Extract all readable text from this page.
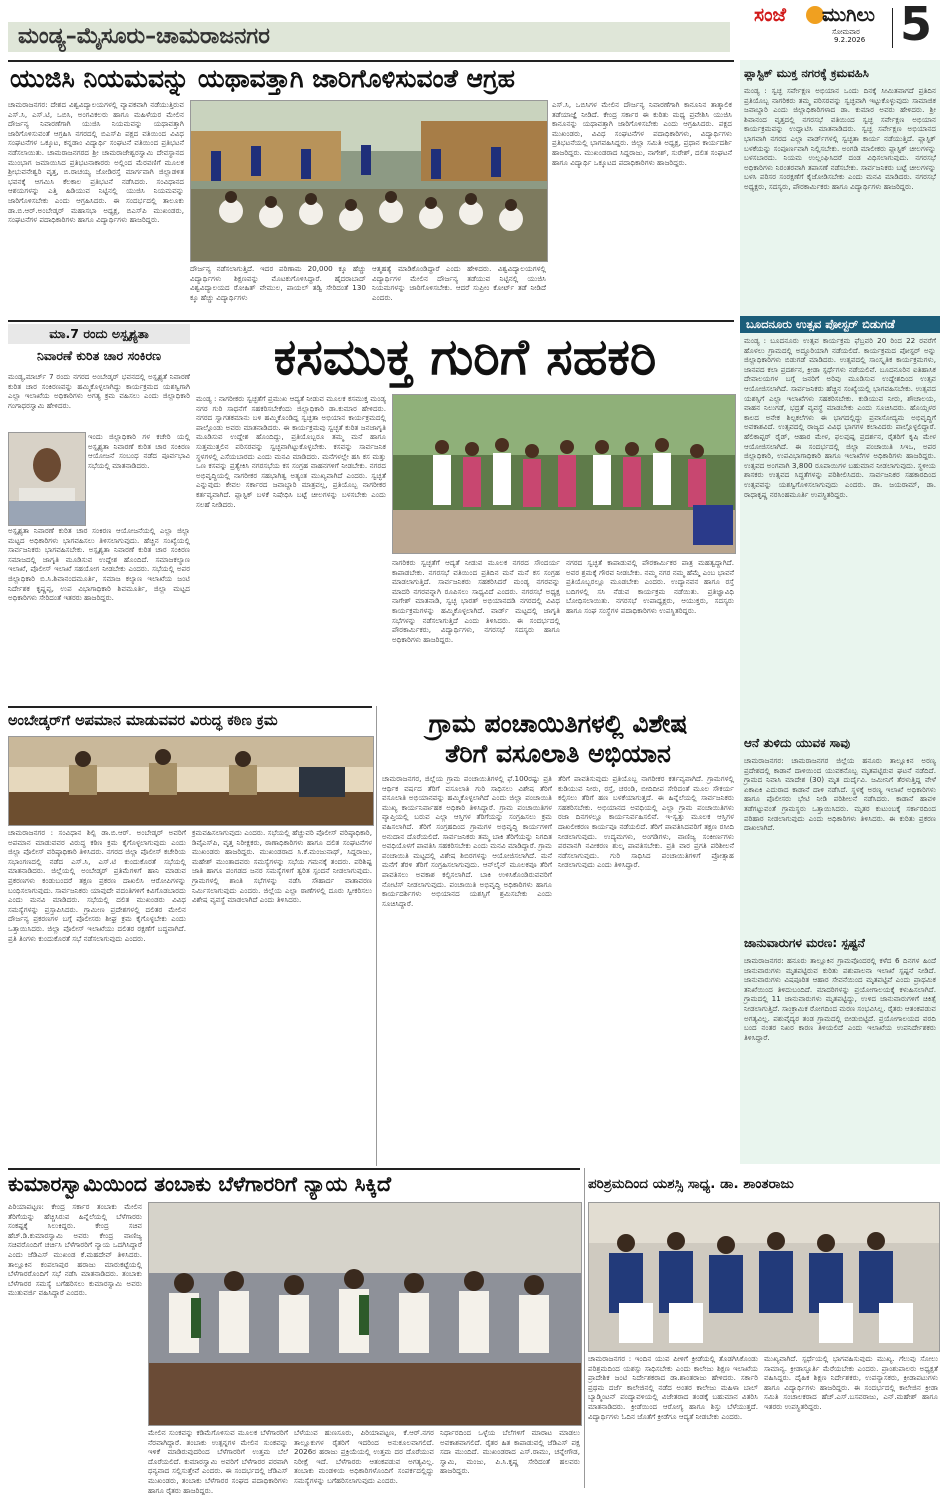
ಮಂಡ್ಯ–ಮೈಸೂರು–ಚಾಮರಾಜನಗರ
ಸಂಜೆ ಮುಗಿಲು
ಸೋಮವಾರ
9.2.2026 5
ಯುಜಿಸಿ ನಿಯಮವನ್ನು ಯಥಾವತ್ತಾಗಿ ಜಾರಿಗೊಳಿಸುವಂತೆ ಆಗ್ರಹ
ಚಾಮರಾಜನಗರ: ದೇಶದ ವಿಶ್ವವಿದ್ಯಾಲಯಗಳಲ್ಲಿ ವ್ಯಾಪಕವಾಗಿ ನಡೆಯುತ್ತಿರುವ ಎಸ್.ಸಿ, ಎಸ್.ಟಿ, ಒಬಿಸಿ, ಅಂಗವಿಕಲರು ಹಾಗೂ ಮಹಿಳೆಯರ ಮೇಲಿನ ದೌರ್ಜನ್ಯ ನಿವಾರಣೆಗಾಗಿ ಯುಜಿಸಿ ನಿಯಮವನ್ನು ಯಥಾವತ್ತಾಗಿ ಜಾರಿಗೊಳಿಸುವಂತೆ ಆಗ್ರಹಿಸಿ ನಗರದಲ್ಲಿ ಬಿಎಸ್‌ಪಿ ಪಕ್ಷದ ವತಿಯಿಂದ ವಿವಿಧ ಸಂಘಟನೆಗಳ ಒಕ್ಕೂಟ, ಕನ್ನಡಾಂ ವಿದ್ಯಾರ್ಥಿ ಸಂಘಟನೆ ವತಿಯಿಂದ ಪ್ರತಿಭಟನೆ ನಡೆಸಲಾಯಿತು. ಚಾಮರಾಜನಗರದ ಶ್ರೀ ಚಾಮರಾಜೇಶ್ವರಸ್ವಾಮಿ ದೇವಸ್ಥಾನದ ಮುಂಭಾಗ ಜಮಾಯಿಸಿದ ಪ್ರತಿಭಟನಾಕಾರರು ಅಲ್ಲಿಂದ ಮೆರವಣಿಗೆ ಮೂಲಕ ಶ್ರೀಭುವನೇಶ್ವರಿ ವೃತ್ತ, ಬಿ.ರಾಚಯ್ಯ ಜೋಡಿರಸ್ತೆ ಮಾರ್ಗವಾಗಿ ಜಿಲ್ಲಾಡಳಿತ ಭವನಕ್ಕೆ ಆಗಮಿಸಿ ಕೆಲಕಾಲ ಪ್ರತಿಭಟನೆ ನಡೆಸಿದರು. ಸಂವಿಧಾನದ ಆಶಯಗಳನ್ನು ಎತ್ತಿ ಹಿಡಿಯುವ ನಿಟ್ಟಿನಲ್ಲಿ ಯುಜಿಸಿ ನಿಯಮವನ್ನು ಜಾರಿಗೊಳಿಸಬೇಕು ಎಂದು ಆಗ್ರಹಿಸಿದರು. ಈ ಸಂದರ್ಭದಲ್ಲಿ ತಾಲೂಕು ಡಾ.ಬಿ.ಆರ್.ಅಂಬೇಡ್ಕರ್ ಮಹಾಸಭಾ ಅಧ್ಯಕ್ಷ, ಬಿಎಸ್‌ಪಿ ಮುಖಂಡರು, ಸಂಘಟನೆಗಳ ಪದಾಧಿಕಾರಿಗಳು ಹಾಗೂ ವಿದ್ಯಾರ್ಥಿಗಳು ಹಾಜರಿದ್ದರು.
ದೌರ್ಜನ್ಯ ನಡೆಸಲಾಗುತ್ತಿದೆ. ಇದರ ಪರಿಣಾಮ 20,000 ಕ್ಕೂ ಹೆಚ್ಚು ವಿದ್ಯಾರ್ಥಿಗಳು ಶಿಕ್ಷಣವನ್ನು ಮೊಟಕುಗೊಳಿಸಿದ್ದಾರೆ. ಹೈದರಾಬಾದ್ ವಿಶ್ವವಿದ್ಯಾಲಯದ ರೋಹಿತ್ ವೇಮುಲ, ಪಾಯಲ್ ತಡ್ವಿ ಸೇರಿದಂತೆ 130 ಕ್ಕೂ ಹೆಚ್ಚು ವಿದ್ಯಾರ್ಥಿಗಳು
ಆತ್ಮಹತ್ಯೆ ಮಾಡಿಕೊಂಡಿದ್ದಾರೆ ಎಂದು ಹೇಳಿದರು. ವಿಶ್ವವಿದ್ಯಾಲಯಗಳಲ್ಲಿ ವಿದ್ಯಾರ್ಥಿಗಳ ಮೇಲಿನ ದೌರ್ಜನ್ಯ ತಡೆಯುವ ನಿಟ್ಟಿನಲ್ಲಿ ಯುಜಿಸಿ ನಿಯಮಗಳನ್ನು ಜಾರಿಗೊಳಿಸಬೇಕು. ಆದರೆ ಸುಪ್ರೀಂ ಕೋರ್ಟ್ ತಡೆ ನೀಡಿದೆ ಎಂದರು.
ಎಸ್.ಸಿ, ಒಬಿಸಿಗಳ ಮೇಲಿನ ದೌರ್ಜನ್ಯ ನಿವಾರಣೆಗಾಗಿ ಕಾನೂನಿನ ತಾತ್ಕಾಲಿಕ ತಡೆಯಾಜ್ಞೆ ನೀಡಿದೆ. ಕೇಂದ್ರ ಸರ್ಕಾರ ಈ ಕುರಿತು ಮಧ್ಯ ಪ್ರವೇಶಿಸಿ ಯುಜಿಸಿ ಕಾನೂನನ್ನು ಯಥಾವತ್ತಾಗಿ ಜಾರಿಗೊಳಿಸಬೇಕು ಎಂದು ಆಗ್ರಹಿಸಿದರು. ಪಕ್ಷದ ಮುಖಂಡರು, ವಿವಿಧ ಸಂಘಟನೆಗಳ ಪದಾಧಿಕಾರಿಗಳು, ವಿದ್ಯಾರ್ಥಿಗಳು ಪ್ರತಿಭಟನೆಯಲ್ಲಿ ಭಾಗವಹಿಸಿದ್ದರು. ಜಿಲ್ಲಾ ಸಮಿತಿ ಅಧ್ಯಕ್ಷ, ಪ್ರಧಾನ ಕಾರ್ಯದರ್ಶಿ ಹಾಜರಿದ್ದರು. ಮುಖಂಡರಾದ ಸಿದ್ದರಾಜು, ನಾಗೇಶ್, ಸುರೇಶ್, ದಲಿತ ಸಂಘಟನೆ ಹಾಗೂ ವಿದ್ಯಾರ್ಥಿ ಒಕ್ಕೂಟದ ಪದಾಧಿಕಾರಿಗಳು ಹಾಜರಿದ್ದರು.
ಮಾ.7 ರಂದು ಅಸ್ಪೃಶ್ಯತಾ
ನಿವಾರಣೆ ಕುರಿತ ಚಾರ ಸಂಕಿರಣ
ಮಂಡ್ಯ,ಮಾರ್ಚ್ 7 ರಂದು ನಗರದ ಅಂಬೇಡ್ಕರ್ ಭವನದಲ್ಲಿ ಅಸ್ಪೃಶ್ಯತೆ ನಿವಾರಣೆ ಕುರಿತ ಚಾರ ಸಂಕಿರಣವನ್ನು ಹಮ್ಮಿಕೊಳ್ಳಲಾಗಿದ್ದು ಕಾರ್ಯಕ್ರಮದ ಯಶಸ್ವಿಗಾಗಿ ಎಲ್ಲಾ ಇಲಾಖೆಯ ಅಧಿಕಾರಿಗಳು ಅಗತ್ಯ ಕ್ರಮ ವಹಿಸಲು ಎಂದು ಜಿಲ್ಲಾಧಿಕಾರಿ ಗಂಗಾಧರಸ್ವಾಮಿ ಹೇಳಿದರು.
ಇಂದು ಜಿಲ್ಲಾಧಿಕಾರಿ ಗಳ ಕಚೇರಿ ಯಲ್ಲಿ ಅಸ್ಪೃಶ್ಯತಾ ನಿವಾರಣೆ ಕುರಿತ ಚಾರ ಸಂಕಿರಣ ಆಯೋಜನೆ ಸಂಬಂಧ ನಡೆದ ಪೂರ್ವಭಾವಿ ಸಭೆಯಲ್ಲಿ ಮಾತನಾಡಿದರು.
ಅಸ್ಪೃಶ್ಯತಾ ನಿವಾರಣೆ ಕುರಿತ ಚಾರ ಸಂಕಿರಣ ಆಯೋಜನೆಯಲ್ಲಿ ಎಲ್ಲಾ ಜಿಲ್ಲಾ ಮಟ್ಟದ ಅಧಿಕಾರಿಗಳು ಭಾಗವಹಿಸಲು ತಿಳಿಸಲಾಗುವುದು. ಹೆಚ್ಚಿನ ಸಂಖ್ಯೆಯಲ್ಲಿ ಸಾರ್ವಜನಿಕರು ಭಾಗವಹಿಸಬೇಕು. ಅಸ್ಪೃಶ್ಯತಾ ನಿವಾರಣೆ ಕುರಿತ ಚಾರ ಸಂಕಿರಣ ಸಮಾಜದಲ್ಲಿ ಜಾಗೃತಿ ಮೂಡಿಸುವ ಉದ್ದೇಶ ಹೊಂದಿದೆ. ಸಮಾಜಕಲ್ಯಾಣ ಇಲಾಖೆ, ಪೊಲೀಸ್ ಇಲಾಖೆ ಸಹಯೋಗ ನೀಡಬೇಕು ಎಂದರು. ಸಭೆಯಲ್ಲಿ ಅಪರ ಜಿಲ್ಲಾಧಿಕಾರಿ ಬಿ.ಸಿ.ಶಿವಾನಂದಮೂರ್ತಿ, ಸಮಾಜ ಕಲ್ಯಾಣ ಇಲಾಖೆಯ ಜಂಟಿ ನಿರ್ದೇಶಕ ಕೃಷ್ಣಪ್ಪ, ಉಪ ವಿಭಾಗಾಧಿಕಾರಿ ಶಿವಮೂರ್ತಿ, ಜಿಲ್ಲಾ ಮಟ್ಟದ ಅಧಿಕಾರಿಗಳು ಸೇರಿದಂತೆ ಇತರರು ಹಾಜರಿದ್ದರು.
ಕಸಮುಕ್ತ ಗುರಿಗೆ ಸಹಕರಿ
ಮಂಡ್ಯ : ನಾಗರೀಕರು ಸ್ವಚ್ಛತೆಗೆ ಪ್ರಮುಖ ಆದ್ಯತೆ ನೀಡುವ ಮೂಲಕ ಕಸಮುಕ್ತ ಮಂಡ್ಯ ನಗರ ಗುರಿ ಸಾಧನೆಗೆ ಸಹಕರಿಸಬೇಕೆಂದು ಜಿಲ್ಲಾಧಿಕಾರಿ ಡಾ.ಕುಮಾರ ಹೇಳಿದರು. ನಗರದ ಸ್ವಾಗತಕಮಾನು ಬಳಿ ಹಮ್ಮಿಕೊಂಡಿದ್ದ ಸ್ವಚ್ಛತಾ ಅಭಿಯಾನ ಕಾರ್ಯಕ್ರಮದಲ್ಲಿ ಪಾಲ್ಗೊಂಡು ಅವರು ಮಾತನಾಡಿದರು. ಈ ಕಾರ್ಯಕ್ರಮವು ಸ್ವಚ್ಛತೆ ಕುರಿತ ಜನಜಾಗೃತಿ ಮೂಡಿಸುವ ಉದ್ದೇಶ ಹೊಂದಿದ್ದು, ಪ್ರತಿಯೊಬ್ಬರೂ ತಮ್ಮ ಮನೆ ಹಾಗೂ ಸುತ್ತಮುತ್ತಲಿನ ಪರಿಸರವನ್ನು ಸ್ವಚ್ಛವಾಗಿಟ್ಟುಕೊಳ್ಳಬೇಕು. ಕಸವನ್ನು ಸಾರ್ವಜನಿಕ ಸ್ಥಳಗಳಲ್ಲಿ ಎಸೆಯಬಾರದು ಎಂದು ಮನವಿ ಮಾಡಿದರು. ಮನೆಗಳಲ್ಲೇ ಹಸಿ ಕಸ ಮತ್ತು ಒಣ ಕಸವನ್ನು ಪ್ರತ್ಯೇಕಿಸಿ ನಗರಸಭೆಯ ಕಸ ಸಂಗ್ರಹ ವಾಹನಗಳಿಗೆ ನೀಡಬೇಕು. ನಗರದ ಅಭಿವೃದ್ಧಿಯಲ್ಲಿ ನಾಗರೀಕರ ಸಹಭಾಗಿತ್ವ ಅತ್ಯಂತ ಮುಖ್ಯವಾಗಿದೆ ಎಂದರು. ಸ್ವಚ್ಛತೆ ಎನ್ನುವುದು ಕೇವಲ ಸರ್ಕಾರದ ಜವಾಬ್ದಾರಿ ಮಾತ್ರವಲ್ಲ, ಪ್ರತಿಯೊಬ್ಬ ನಾಗರೀಕರ ಕರ್ತವ್ಯವಾಗಿದೆ. ಪ್ಲಾಸ್ಟಿಕ್ ಬಳಕೆ ನಿಷೇಧಿಸಿ ಬಟ್ಟೆ ಚೀಲಗಳನ್ನು ಬಳಸಬೇಕು ಎಂದು ಸಲಹೆ ನೀಡಿದರು.
ನಾಗರಿಕರು ಸ್ವಚ್ಛತೆಗೆ ಆದ್ಯತೆ ನೀಡುವ ಮೂಲಕ ನಗರದ ಸೌಂದರ್ಯ ಕಾಪಾಡಬೇಕು. ನಗರಸಭೆ ವತಿಯಿಂದ ಪ್ರತಿದಿನ ಮನೆ ಮನೆ ಕಸ ಸಂಗ್ರಹ ಮಾಡಲಾಗುತ್ತಿದೆ. ಸಾರ್ವಜನಿಕರು ಸಹಕರಿಸಿದರೆ ಮಂಡ್ಯ ನಗರವನ್ನು ಮಾದರಿ ನಗರವನ್ನಾಗಿ ರೂಪಿಸಲು ಸಾಧ್ಯವಿದೆ ಎಂದರು. ನಗರಸಭೆ ಅಧ್ಯಕ್ಷ ನಾಗೇಶ್ ಮಾತನಾಡಿ, ಸ್ವಚ್ಛ ಭಾರತ್ ಅಭಿಯಾನದಡಿ ನಗರದಲ್ಲಿ ವಿವಿಧ ಕಾರ್ಯಕ್ರಮಗಳನ್ನು ಹಮ್ಮಿಕೊಳ್ಳಲಾಗಿದೆ. ವಾರ್ಡ್ ಮಟ್ಟದಲ್ಲಿ ಜಾಗೃತಿ ಸಭೆಗಳನ್ನು ನಡೆಸಲಾಗುತ್ತಿದೆ ಎಂದು ತಿಳಿಸಿದರು. ಈ ಸಂದರ್ಭದಲ್ಲಿ ಪೌರಕಾರ್ಮಿಕರು, ವಿದ್ಯಾರ್ಥಿಗಳು, ನಗರಸಭೆ ಸದಸ್ಯರು ಹಾಗೂ ಅಧಿಕಾರಿಗಳು ಹಾಜರಿದ್ದರು.
ನಗರದ ಸ್ವಚ್ಛತೆ ಕಾಪಾಡುವಲ್ಲಿ ಪೌರಕಾರ್ಮಿಕರ ಪಾತ್ರ ಮಹತ್ವದ್ದಾಗಿದೆ. ಅವರ ಶ್ರಮಕ್ಕೆ ಗೌರವ ನೀಡಬೇಕು. ನಮ್ಮ ನಗರ ನಮ್ಮ ಹೆಮ್ಮೆ ಎಂಬ ಭಾವನೆ ಪ್ರತಿಯೊಬ್ಬರಲ್ಲೂ ಮೂಡಬೇಕು ಎಂದರು. ಉದ್ಯಾನವನ ಹಾಗೂ ರಸ್ತೆ ಬದಿಗಳಲ್ಲಿ ಸಸಿ ನೆಡುವ ಕಾರ್ಯಕ್ರಮ ನಡೆಯಿತು. ಪ್ರತಿಜ್ಞಾವಿಧಿ ಬೋಧಿಸಲಾಯಿತು. ನಗರಸಭೆ ಉಪಾಧ್ಯಕ್ಷರು, ಆಯುಕ್ತರು, ಸದಸ್ಯರು ಹಾಗೂ ಸಂಘ ಸಂಸ್ಥೆಗಳ ಪದಾಧಿಕಾರಿಗಳು ಉಪಸ್ಥಿತರಿದ್ದರು.
ಅಂಬೇಡ್ಕರ್‌ಗೆ ಅಪಮಾನ ಮಾಡುವವರ ವಿರುದ್ಧ ಕಠಿಣ ಕ್ರಮ
ಚಾಮರಾಜನಗರ : ಸಂವಿಧಾನ ಶಿಲ್ಪಿ ಡಾ.ಬಿ.ಆರ್. ಅಂಬೇಡ್ಕರ್ ಅವರಿಗೆ ಅಪಮಾನ ಮಾಡುವವರ ವಿರುದ್ಧ ಕಠಿಣ ಕ್ರಮ ಕೈಗೊಳ್ಳಲಾಗುವುದು ಎಂದು ಜಿಲ್ಲಾ ಪೊಲೀಸ್ ವರಿಷ್ಠಾಧಿಕಾರಿ ತಿಳಿಸಿದರು. ನಗರದ ಜಿಲ್ಲಾ ಪೊಲೀಸ್ ಕಚೇರಿಯ ಸಭಾಂಗಣದಲ್ಲಿ ನಡೆದ ಎಸ್.ಸಿ, ಎಸ್.ಟಿ ಕುಂದುಕೊರತೆ ಸಭೆಯಲ್ಲಿ ಮಾತನಾಡಿದರು. ಜಿಲ್ಲೆಯಲ್ಲಿ ಅಂಬೇಡ್ಕರ್ ಪ್ರತಿಮೆಗಳಿಗೆ ಹಾನಿ ಮಾಡುವ ಪ್ರಕರಣಗಳು ಕಂಡುಬಂದರೆ ತಕ್ಷಣ ಪ್ರಕರಣ ದಾಖಲಿಸಿ ಆರೋಪಿಗಳನ್ನು ಬಂಧಿಸಲಾಗುವುದು. ಸಾರ್ವಜನಿಕರು ಯಾವುದೇ ವದಂತಿಗಳಿಗೆ ಕಿವಿಗೊಡಬಾರದು ಎಂದು ಮನವಿ ಮಾಡಿದರು. ಸಭೆಯಲ್ಲಿ ದಲಿತ ಮುಖಂಡರು ವಿವಿಧ ಸಮಸ್ಯೆಗಳನ್ನು ಪ್ರಸ್ತಾಪಿಸಿದರು. ಗ್ರಾಮೀಣ ಪ್ರದೇಶಗಳಲ್ಲಿ ದಲಿತರ ಮೇಲಿನ ದೌರ್ಜನ್ಯ ಪ್ರಕರಣಗಳ ಬಗ್ಗೆ ಪೊಲೀಸರು ಶೀಘ್ರ ಕ್ರಮ ಕೈಗೊಳ್ಳಬೇಕು ಎಂದು ಒತ್ತಾಯಿಸಿದರು. ಜಿಲ್ಲಾ ಪೊಲೀಸ್ ಇಲಾಖೆಯು ದಲಿತರ ರಕ್ಷಣೆಗೆ ಬದ್ಧವಾಗಿದೆ. ಪ್ರತಿ ತಿಂಗಳು ಕುಂದುಕೊರತೆ ಸಭೆ ನಡೆಸಲಾಗುವುದು ಎಂದರು.
ಕ್ರಮವಹಿಸಲಾಗುವುದು ಎಂದರು. ಸಭೆಯಲ್ಲಿ ಹೆಚ್ಚುವರಿ ಪೊಲೀಸ್ ವರಿಷ್ಠಾಧಿಕಾರಿ, ಡಿವೈಎಸ್‌ಪಿ, ವೃತ್ತ ನಿರೀಕ್ಷಕರು, ಠಾಣಾಧಿಕಾರಿಗಳು ಹಾಗೂ ದಲಿತ ಸಂಘಟನೆಗಳ ಮುಖಂಡರು ಹಾಜರಿದ್ದರು. ಮುಖಂಡರಾದ ಸಿ.ಕೆ.ಮಂಜುನಾಥ್, ಸಿದ್ದರಾಜು, ಮಹೇಶ್ ಮುಂತಾದವರು ಸಮಸ್ಯೆಗಳನ್ನು ಸಭೆಯ ಗಮನಕ್ಕೆ ತಂದರು. ಪರಿಶಿಷ್ಟ ಜಾತಿ ಹಾಗೂ ಪಂಗಡದ ಜನರ ಸಮಸ್ಯೆಗಳಿಗೆ ತ್ವರಿತ ಸ್ಪಂದನೆ ನೀಡಲಾಗುವುದು. ಗ್ರಾಮಗಳಲ್ಲಿ ಶಾಂತಿ ಸಭೆಗಳನ್ನು ನಡೆಸಿ ಸೌಹಾರ್ದ ವಾತಾವರಣ ನಿರ್ಮಿಸಲಾಗುವುದು ಎಂದರು. ಜಿಲ್ಲೆಯ ಎಲ್ಲಾ ಠಾಣೆಗಳಲ್ಲಿ ದೂರು ಸ್ವೀಕರಿಸಲು ವಿಶೇಷ ವ್ಯವಸ್ಥೆ ಮಾಡಲಾಗಿದೆ ಎಂದು ತಿಳಿಸಿದರು.
ಗ್ರಾಮ ಪಂಚಾಯಿತಿಗಳಲ್ಲಿ ವಿಶೇಷ
ತೆರಿಗೆ ವಸೂಲಾತಿ ಅಭಿಯಾನ
ಚಾಮರಾಜನಗರ, ಜಿಲ್ಲೆಯ ಗ್ರಾಮ ಪಂಚಾಯಿತಿಗಳಲ್ಲಿ ಫೆ.100ರಷ್ಟು ಪ್ರತಿ ಆರ್ಥಿಕ ವರ್ಷದ ತೆರಿಗೆ ವಸೂಲಾತಿ ಗುರಿ ಸಾಧಿಸಲು ವಿಶೇಷ ತೆರಿಗೆ ವಸೂಲಾತಿ ಅಭಿಯಾನವನ್ನು ಹಮ್ಮಿಕೊಳ್ಳಲಾಗಿದೆ ಎಂದು ಜಿಲ್ಲಾ ಪಂಚಾಯಿತಿ ಮುಖ್ಯ ಕಾರ್ಯನಿರ್ವಾಹಕ ಅಧಿಕಾರಿ ತಿಳಿಸಿದ್ದಾರೆ. ಗ್ರಾಮ ಪಂಚಾಯಿತಿಗಳ ವ್ಯಾಪ್ತಿಯಲ್ಲಿ ಬರುವ ಎಲ್ಲಾ ಆಸ್ತಿಗಳ ತೆರಿಗೆಯನ್ನು ಸಂಗ್ರಹಿಸಲು ಕ್ರಮ ವಹಿಸಲಾಗಿದೆ. ತೆರಿಗೆ ಸಂಗ್ರಹದಿಂದ ಗ್ರಾಮಗಳ ಅಭಿವೃದ್ಧಿ ಕಾರ್ಯಗಳಿಗೆ ಅನುದಾನ ದೊರೆಯಲಿದೆ. ಸಾರ್ವಜನಿಕರು ತಮ್ಮ ಬಾಕಿ ತೆರಿಗೆಯನ್ನು ನಿಗದಿತ ಅವಧಿಯೊಳಗೆ ಪಾವತಿಸಿ ಸಹಕರಿಸಬೇಕು ಎಂದು ಮನವಿ ಮಾಡಿದ್ದಾರೆ. ಗ್ರಾಮ ಪಂಚಾಯಿತಿ ಮಟ್ಟದಲ್ಲಿ ವಿಶೇಷ ಶಿಬಿರಗಳನ್ನು ಆಯೋಜಿಸಲಾಗಿದೆ. ಮನೆ ಮನೆಗೆ ತೆರಳಿ ತೆರಿಗೆ ಸಂಗ್ರಹಿಸಲಾಗುವುದು. ಆನ್‌ಲೈನ್ ಮೂಲಕವೂ ತೆರಿಗೆ ಪಾವತಿಸಲು ಅವಕಾಶ ಕಲ್ಪಿಸಲಾಗಿದೆ. ಬಾಕಿ ಉಳಿಸಿಕೊಂಡಿರುವವರಿಗೆ ನೋಟಿಸ್ ನೀಡಲಾಗುವುದು. ಪಂಚಾಯಿತಿ ಅಭಿವೃದ್ಧಿ ಅಧಿಕಾರಿಗಳು ಹಾಗೂ ಕಾರ್ಯದರ್ಶಿಗಳು ಅಭಿಯಾನದ ಯಶಸ್ಸಿಗೆ ಶ್ರಮಿಸಬೇಕು ಎಂದು ಸೂಚಿಸಿದ್ದಾರೆ.
ತೆರಿಗೆ ಪಾವತಿಸುವುದು ಪ್ರತಿಯೊಬ್ಬ ನಾಗರೀಕರ ಕರ್ತವ್ಯವಾಗಿದೆ. ಗ್ರಾಮಗಳಲ್ಲಿ ಕುಡಿಯುವ ನೀರು, ರಸ್ತೆ, ಚರಂಡಿ, ಬೀದಿದೀಪ ಸೇರಿದಂತೆ ಮೂಲ ಸೌಕರ್ಯ ಕಲ್ಪಿಸಲು ತೆರಿಗೆ ಹಣ ಬಳಕೆಯಾಗುತ್ತದೆ. ಈ ಹಿನ್ನೆಲೆಯಲ್ಲಿ ಸಾರ್ವಜನಿಕರು ಸಹಕರಿಸಬೇಕು. ಅಭಿಯಾನದ ಅವಧಿಯಲ್ಲಿ ಎಲ್ಲಾ ಗ್ರಾಮ ಪಂಚಾಯಿತಿಗಳು ರಜಾ ದಿನಗಳಲ್ಲೂ ಕಾರ್ಯನಿರ್ವಹಿಸಲಿವೆ. ಇ-ಸ್ವತ್ತು ಮೂಲಕ ಆಸ್ತಿಗಳ ದಾಖಲೀಕರಣ ಕಾರ್ಯವೂ ನಡೆಯಲಿದೆ. ತೆರಿಗೆ ಪಾವತಿಸಿದವರಿಗೆ ತಕ್ಷಣ ರಸೀದಿ ನೀಡಲಾಗುವುದು. ಉದ್ಯಮಗಳು, ಅಂಗಡಿಗಳು, ವಾಣಿಜ್ಯ ಸಂಕೀರ್ಣಗಳು ಪರವಾನಗಿ ನವೀಕರಣ ಶುಲ್ಕ ಪಾವತಿಸಬೇಕು. ಪ್ರತಿ ವಾರ ಪ್ರಗತಿ ಪರಿಶೀಲನೆ ನಡೆಸಲಾಗುವುದು. ಗುರಿ ಸಾಧಿಸಿದ ಪಂಚಾಯಿತಿಗಳಿಗೆ ಪ್ರೋತ್ಸಾಹ ನೀಡಲಾಗುವುದು ಎಂದು ತಿಳಿಸಿದ್ದಾರೆ.
ಕುಮಾರಸ್ವಾಮಿಯಿಂದ ತಂಬಾಕು ಬೆಳೆಗಾರರಿಗೆ ನ್ಯಾಯ ಸಿಕ್ಕಿದೆ
ಪಿರಿಯಾಪಟ್ಟಣ: ಕೇಂದ್ರ ಸರ್ಕಾರ ತಂಬಾಕು ಮೇಲಿನ ತೆರಿಗೆಯನ್ನು ಹೆಚ್ಚಿಸಿರುವ ಹಿನ್ನೆಲೆಯಲ್ಲಿ ಬೆಳೆಗಾರರು ಸಂಕಷ್ಟಕ್ಕೆ ಸಿಲುಕಿದ್ದರು. ಕೇಂದ್ರ ಸಚಿವ ಹೆಚ್.ಡಿ.ಕುಮಾರಸ್ವಾಮಿ ಅವರು ಕೇಂದ್ರ ವಾಣಿಜ್ಯ ಸಚಿವರೊಂದಿಗೆ ಚರ್ಚಿಸಿ ಬೆಳೆಗಾರರಿಗೆ ನ್ಯಾಯ ಒದಗಿಸಿದ್ದಾರೆ ಎಂದು ಜೆಡಿಎಸ್ ಮುಖಂಡ ಕೆ.ಮಹದೇವ್ ತಿಳಿಸಿದರು. ತಾಲ್ಲೂಕಿನ ಕಂಪಲಾಪುರ ಹರಾಜು ಮಾರುಕಟ್ಟೆಯಲ್ಲಿ ಬೆಳೆಗಾರರೊಂದಿಗೆ ಸಭೆ ನಡೆಸಿ ಮಾತನಾಡಿದರು. ತಂಬಾಕು ಬೆಳೆಗಾರರ ಸಮಸ್ಯೆ ಬಗೆಹರಿಸಲು ಕುಮಾರಸ್ವಾಮಿ ಅವರು ಮುತುವರ್ಜಿ ವಹಿಸಿದ್ದಾರೆ ಎಂದರು.
ಮೇಲಿನ ಸುಂಕವನ್ನು ಕಡಿಮೆಗೊಳಿಸುವ ಮೂಲಕ ಬೆಳೆಗಾರರಿಗೆ ನೆರವಾಗಿದ್ದಾರೆ. ತಂಬಾಕು ಉತ್ಪನ್ನಗಳ ಮೇಲಿನ ಸುಂಕವನ್ನು ಇಳಿಕೆ ಮಾಡಿರುವುದರಿಂದ ಬೆಳೆಗಾರರಿಗೆ ಉತ್ತಮ ಬೆಲೆ ದೊರೆಯಲಿದೆ. ಕುಮಾರಸ್ವಾಮಿ ಅವರಿಗೆ ಬೆಳೆಗಾರರ ಪರವಾಗಿ ಧನ್ಯವಾದ ಸಲ್ಲಿಸುತ್ತೇವೆ ಎಂದರು. ಈ ಸಂದರ್ಭದಲ್ಲಿ ಜೆಡಿಎಸ್ ಮುಖಂಡರು, ತಂಬಾಕು ಬೆಳೆಗಾರರ ಸಂಘದ ಪದಾಧಿಕಾರಿಗಳು ಹಾಗೂ ರೈತರು ಹಾಜರಿದ್ದರು.
ಬೆಳೆಯುವ ಹುಣಸೂರು, ಪಿರಿಯಾಪಟ್ಟಣ, ಕೆ.ಆರ್.ನಗರ ತಾಲ್ಲೂಕುಗಳ ರೈತರಿಗೆ ಇದರಿಂದ ಅನುಕೂಲವಾಗಲಿದೆ. 2026ರ ಹರಾಜು ಪ್ರಕ್ರಿಯೆಯಲ್ಲಿ ಉತ್ತಮ ದರ ದೊರೆಯುವ ನಿರೀಕ್ಷೆ ಇದೆ. ಬೆಳೆಗಾರರು ಆತಂಕಪಡುವ ಅಗತ್ಯವಿಲ್ಲ. ತಂಬಾಕು ಮಂಡಳಿಯ ಅಧಿಕಾರಿಗಳೊಂದಿಗೆ ಸಂಪರ್ಕದಲ್ಲಿದ್ದು ಸಮಸ್ಯೆಗಳನ್ನು ಬಗೆಹರಿಸಲಾಗುವುದು ಎಂದರು.
ನಿರ್ಧಾರದಿಂದ ಒಳ್ಳೆಯ ಬೆಲೆಗಳಿಗೆ ಮಾರಾಟ ಮಾಡಲು ಅವಕಾಶವಾಗಲಿದೆ. ರೈತರ ಹಿತ ಕಾಪಾಡುವಲ್ಲಿ ಜೆಡಿಎಸ್ ಪಕ್ಷ ಸದಾ ಮುಂದಿದೆ. ಮುಖಂಡರಾದ ಎಸ್.ರಾಮು, ಚನ್ನೇಗೌಡ, ಸ್ವಾಮಿ, ಮಂಜು, ಪಿ.ಸಿ.ಕೃಷ್ಣ ಸೇರಿದಂತೆ ಹಲವರು ಹಾಜರಿದ್ದರು.
ಪರಿಶ್ರಮದಿಂದ ಯಶಸ್ಸಿ ಸಾಧ್ಯ. ಡಾ. ಶಾಂತರಾಜು
ಚಾಮರಾಜನಗರ : ಇಂದಿನ ಯುವ ಪೀಳಿಗೆ ಕ್ರೀಡೆಯಲ್ಲಿ ತೊಡಗಿಸಿಕೊಂಡು ಪರಿಶ್ರಮದಿಂದ ಯಶಸ್ಸು ಸಾಧಿಸಬೇಕು ಎಂದು ಕಾಲೇಜು ಶಿಕ್ಷಣ ಇಲಾಖೆಯ ಪ್ರಾದೇಶಿಕ ಜಂಟಿ ನಿರ್ದೇಶಕರಾದ ಡಾ.ಶಾಂತರಾಜು ಹೇಳಿದರು. ಸರ್ಕಾರಿ ಪ್ರಥಮ ದರ್ಜೆ ಕಾಲೇಜಿನಲ್ಲಿ ನಡೆದ ಅಂತರ ಕಾಲೇಜು ಮಹಿಳಾ ಬಾಲ್ ಬ್ಯಾಡ್ಮಿಂಟನ್ ಪಂದ್ಯಾವಳಿಯಲ್ಲಿ ವಿಜೇತರಾದ ತಂಡಕ್ಕೆ ಬಹುಮಾನ ವಿತರಿಸಿ ಮಾತನಾಡಿದರು. ಕ್ರೀಡೆಯಿಂದ ಆರೋಗ್ಯ ಹಾಗೂ ಶಿಸ್ತು ಬೆಳೆಯುತ್ತದೆ. ವಿದ್ಯಾರ್ಥಿಗಳು ಓದಿನ ಜೊತೆಗೆ ಕ್ರೀಡೆಗೂ ಆದ್ಯತೆ ನೀಡಬೇಕು ಎಂದರು.
ಮುಖ್ಯವಾಗಿದೆ. ಸ್ಪರ್ಧೆಯಲ್ಲಿ ಭಾಗವಹಿಸುವುದು ಮುಖ್ಯ. ಗೆಲುವು ಸೋಲು ಸಾಮಾನ್ಯ. ಕ್ರೀಡಾಸ್ಫೂರ್ತಿ ಮೆರೆಯಬೇಕು ಎಂದರು. ಪ್ರಾಂಶುಪಾಲರು ಅಧ್ಯಕ್ಷತೆ ವಹಿಸಿದ್ದರು. ದೈಹಿಕ ಶಿಕ್ಷಣ ನಿರ್ದೇಶಕರು, ಉಪನ್ಯಾಸಕರು, ಕ್ರೀಡಾಪಟುಗಳು ಹಾಗೂ ವಿದ್ಯಾರ್ಥಿಗಳು ಹಾಜರಿದ್ದರು. ಈ ಸಂದರ್ಭದಲ್ಲಿ ಕಾಲೇಜಿನ ಕ್ರೀಡಾ ಸಮಿತಿ ಸಂಚಾಲಕರಾದ ಹೆಚ್.ಎಸ್.ಬಸವರಾಜು, ಎನ್.ಮಹೇಶ್ ಹಾಗೂ ಇತರರು ಉಪಸ್ಥಿತರಿದ್ದರು.
ಪ್ಲಾಸ್ಟಿಕ್ ಮುಕ್ತ ನಗರಕ್ಕೆ ಕ್ರಮವಹಿಸಿ
ಮಂಡ್ಯ : ಸ್ವಚ್ಛ ಸರ್ವೇಕ್ಷಣ ಅಭಿಯಾನ ಒಂದು ದಿನಕ್ಕೆ ಸೀಮಿತವಾಗದೆ ಪ್ರತಿದಿನ ಪ್ರತಿಯೊಬ್ಬ ನಾಗರಿಕರು ತಮ್ಮ ಪರಿಸರವನ್ನು ಸ್ವಚ್ಛವಾಗಿ ಇಟ್ಟುಕೊಳ್ಳುವುದು ಸಾಮಾಜಿಕ ಜವಾಬ್ದಾರಿ ಎಂದು ಜಿಲ್ಲಾಧಿಕಾರಿಗಳಾದ ಡಾ. ಕುಮಾರ ಅವರು ಹೇಳಿದರು. ಶ್ರೀ ಶಿವಾನಂದ ವೃತ್ತದಲ್ಲಿ ನಗರಸಭೆ ವತಿಯಿಂದ ಸ್ವಚ್ಛ ಸರ್ವೇಕ್ಷಣ ಅಭಿಯಾನ ಕಾರ್ಯಕ್ರಮವನ್ನು ಉದ್ಘಾಟಿಸಿ ಮಾತನಾಡಿದರು. ಸ್ವಚ್ಛ ಸರ್ವೇಕ್ಷಣ ಅಭಿಯಾನದ ಭಾಗವಾಗಿ ನಗರದ ಎಲ್ಲಾ ವಾರ್ಡ್‌ಗಳಲ್ಲಿ ಸ್ವಚ್ಛತಾ ಕಾರ್ಯ ನಡೆಯುತ್ತಿದೆ. ಪ್ಲಾಸ್ಟಿಕ್ ಬಳಕೆಯನ್ನು ಸಂಪೂರ್ಣವಾಗಿ ನಿಲ್ಲಿಸಬೇಕು. ಅಂಗಡಿ ಮಾಲೀಕರು ಪ್ಲಾಸ್ಟಿಕ್ ಚೀಲಗಳನ್ನು ಬಳಸಬಾರದು. ನಿಯಮ ಉಲ್ಲಂಘಿಸಿದರೆ ದಂಡ ವಿಧಿಸಲಾಗುವುದು. ನಗರಸಭೆ ಅಧಿಕಾರಿಗಳು ನಿರಂತರವಾಗಿ ತಪಾಸಣೆ ನಡೆಸಬೇಕು. ಸಾರ್ವಜನಿಕರು ಬಟ್ಟೆ ಚೀಲಗಳನ್ನು ಬಳಸಿ ಪರಿಸರ ಸಂರಕ್ಷಣೆಗೆ ಕೈಜೋಡಿಸಬೇಕು ಎಂದು ಮನವಿ ಮಾಡಿದರು. ನಗರಸಭೆ ಅಧ್ಯಕ್ಷರು, ಸದಸ್ಯರು, ಪೌರಕಾರ್ಮಿಕರು ಹಾಗೂ ವಿದ್ಯಾರ್ಥಿಗಳು ಹಾಜರಿದ್ದರು.
ಬೂದನೂರು ಉತ್ಸವ ಪೋಸ್ಟರ್ ಬಿಡುಗಡೆ
ಮಂಡ್ಯ : ಬೂದನೂರು ಉತ್ಸವ ಕಾರ್ಯಕ್ರಮ ಫೆಬ್ರವರಿ 20 ರಿಂದ 22 ರವರೆಗೆ ಹೊಳಲು ಗ್ರಾಮದಲ್ಲಿ ಅದ್ಧೂರಿಯಾಗಿ ನಡೆಯಲಿದೆ. ಕಾರ್ಯಕ್ರಮದ ಪೋಸ್ಟರ್ ಅನ್ನು ಜಿಲ್ಲಾಧಿಕಾರಿಗಳು ಬಿಡುಗಡೆ ಮಾಡಿದರು. ಉತ್ಸವದಲ್ಲಿ ಸಾಂಸ್ಕೃತಿಕ ಕಾರ್ಯಕ್ರಮಗಳು, ಜಾನಪದ ಕಲಾ ಪ್ರದರ್ಶನ, ಕ್ರೀಡಾ ಸ್ಪರ್ಧೆಗಳು ನಡೆಯಲಿವೆ. ಬೂದನೂರಿನ ಐತಿಹಾಸಿಕ ದೇವಾಲಯಗಳ ಬಗ್ಗೆ ಜನರಿಗೆ ಅರಿವು ಮೂಡಿಸುವ ಉದ್ದೇಶದಿಂದ ಉತ್ಸವ ಆಯೋಜಿಸಲಾಗಿದೆ. ಸಾರ್ವಜನಿಕರು ಹೆಚ್ಚಿನ ಸಂಖ್ಯೆಯಲ್ಲಿ ಭಾಗವಹಿಸಬೇಕು. ಉತ್ಸವದ ಯಶಸ್ಸಿಗೆ ಎಲ್ಲಾ ಇಲಾಖೆಗಳು ಸಹಕರಿಸಬೇಕು. ಕುಡಿಯುವ ನೀರು, ಶೌಚಾಲಯ, ವಾಹನ ನಿಲುಗಡೆ, ಭದ್ರತೆ ವ್ಯವಸ್ಥೆ ಮಾಡಬೇಕು ಎಂದು ಸೂಚಿಸಿದರು. ಹೊಯ್ಸಳರ ಕಾಲದ ಅನೇಕ ಶಿಲ್ಪಕಲೆಗಳು ಈ ಭಾಗದಲ್ಲಿದ್ದು ಪ್ರವಾಸೋದ್ಯಮ ಅಭಿವೃದ್ಧಿಗೆ ಅವಕಾಶವಿದೆ. ಉತ್ಸವದಲ್ಲಿ ರಾಜ್ಯದ ವಿವಿಧ ಭಾಗಗಳ ಕಲಾವಿದರು ಪಾಲ್ಗೊಳ್ಳಲಿದ್ದಾರೆ. ಹೆಲಿಕಾಪ್ಟರ್ ರೈಡ್, ಆಹಾರ ಮೇಳ, ಫಲಪುಷ್ಪ ಪ್ರದರ್ಶನ, ರೈತರಿಗೆ ಕೃಷಿ ಮೇಳ ಆಯೋಜಿಸಲಾಗಿದೆ. ಈ ಸಂದರ್ಭದಲ್ಲಿ ಜಿಲ್ಲಾ ಪಂಚಾಯಿತಿ ಸಿಇಒ, ಅಪರ ಜಿಲ್ಲಾಧಿಕಾರಿ, ಉಪವಿಭಾಗಾಧಿಕಾರಿ ಹಾಗೂ ಇಲಾಖೆಗಳ ಅಧಿಕಾರಿಗಳು ಹಾಜರಿದ್ದರು. ಉತ್ಸವದ ಅಂಗವಾಗಿ 3,800 ರೂಪಾಯಿಗಳ ಬಹುಮಾನ ನೀಡಲಾಗುವುದು. ಸ್ಥಳೀಯ ಶಾಸಕರು ಉತ್ಸವದ ಸಿದ್ಧತೆಗಳನ್ನು ಪರಿಶೀಲಿಸಿದರು. ಸಾರ್ವಜನಿಕರ ಸಹಕಾರದಿಂದ ಉತ್ಸವವನ್ನು ಯಶಸ್ವಿಗೊಳಿಸಲಾಗುವುದು ಎಂದರು. ಡಾ. ಜಯರಾಮ್, ಡಾ. ರಾಧಾಕೃಷ್ಣ ನರಸಿಂಹಮೂರ್ತಿ ಉಪಸ್ಥಿತರಿದ್ದರು.
ಆನೆ ತುಳಿದು ಯುವಕ ಸಾವು
ಚಾಮರಾಜನಗರ: ಚಾಮರಾಜನಗರ ಜಿಲ್ಲೆಯ ಹನೂರು ತಾಲ್ಲೂಕಿನ ಅರಣ್ಯ ಪ್ರದೇಶದಲ್ಲಿ ಕಾಡಾನೆ ದಾಳಿಯಿಂದ ಯುವಕನೊಬ್ಬ ಮೃತಪಟ್ಟಿರುವ ಘಟನೆ ನಡೆದಿದೆ. ಗ್ರಾಮದ ನಿವಾಸಿ ಮಾದೇಶ (30) ಮೃತ ದುರ್ದೈವಿ. ಜಮೀನಿಗೆ ತೆರಳುತ್ತಿದ್ದ ವೇಳೆ ಏಕಾಏಕಿ ಎದುರಾದ ಕಾಡಾನೆ ದಾಳಿ ನಡೆಸಿದೆ. ಸ್ಥಳಕ್ಕೆ ಅರಣ್ಯ ಇಲಾಖೆ ಅಧಿಕಾರಿಗಳು ಹಾಗೂ ಪೊಲೀಸರು ಭೇಟಿ ನೀಡಿ ಪರಿಶೀಲನೆ ನಡೆಸಿದರು. ಕಾಡಾನೆ ಹಾವಳಿ ತಡೆಗಟ್ಟುವಂತೆ ಗ್ರಾಮಸ್ಥರು ಒತ್ತಾಯಿಸಿದರು. ಮೃತರ ಕುಟುಂಬಕ್ಕೆ ಸರ್ಕಾರದಿಂದ ಪರಿಹಾರ ನೀಡಲಾಗುವುದು ಎಂದು ಅಧಿಕಾರಿಗಳು ತಿಳಿಸಿದರು. ಈ ಕುರಿತು ಪ್ರಕರಣ ದಾಖಲಾಗಿದೆ.
ಜಾನುವಾರುಗಳ ಮರಣ: ಸ್ಪಷ್ಟನೆ
ಚಾಮರಾಜನಗರ: ಹನೂರು ತಾಲ್ಲೂಕಿನ ಗ್ರಾಮವೊಂದರಲ್ಲಿ ಕಳೆದ 6 ದಿನಗಳ ಹಿಂದೆ ಜಾನುವಾರುಗಳು ಮೃತಪಟ್ಟಿರುವ ಕುರಿತು ಪಶುಪಾಲನಾ ಇಲಾಖೆ ಸ್ಪಷ್ಟನೆ ನೀಡಿದೆ. ಜಾನುವಾರುಗಳು ವಿಷಪೂರಿತ ಆಹಾರ ಸೇವನೆಯಿಂದ ಮೃತಪಟ್ಟಿವೆ ಎಂದು ಪ್ರಾಥಮಿಕ ತನಿಖೆಯಿಂದ ತಿಳಿದುಬಂದಿದೆ. ಮಾದರಿಗಳನ್ನು ಪ್ರಯೋಗಾಲಯಕ್ಕೆ ಕಳುಹಿಸಲಾಗಿದೆ. ಗ್ರಾಮದಲ್ಲಿ 11 ಜಾನುವಾರುಗಳು ಮೃತಪಟ್ಟಿದ್ದು, ಉಳಿದ ಜಾನುವಾರುಗಳಿಗೆ ಚಿಕಿತ್ಸೆ ನೀಡಲಾಗುತ್ತಿದೆ. ಸಾಂಕ್ರಾಮಿಕ ರೋಗದಿಂದ ಮರಣ ಸಂಭವಿಸಿಲ್ಲ. ರೈತರು ಆತಂಕಪಡುವ ಅಗತ್ಯವಿಲ್ಲ. ಪಶುವೈದ್ಯರ ತಂಡ ಗ್ರಾಮದಲ್ಲಿ ಬೀಡುಬಿಟ್ಟಿದೆ. ಪ್ರಯೋಗಾಲಯದ ವರದಿ ಬಂದ ನಂತರ ನಿಖರ ಕಾರಣ ತಿಳಿಯಲಿದೆ ಎಂದು ಇಲಾಖೆಯ ಉಪನಿರ್ದೇಶಕರು ತಿಳಿಸಿದ್ದಾರೆ.
